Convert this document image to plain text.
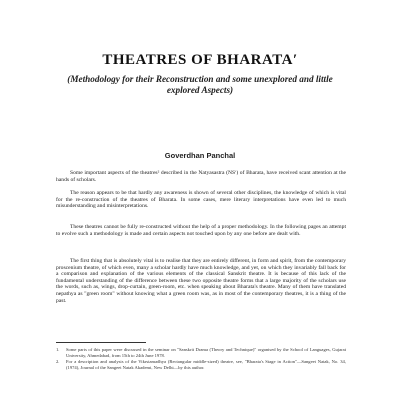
THEATRES OF BHARATAʹ
(Methodology for their Reconstruction and some unexplored and little explored Aspects)
Goverdhan Panchal

Some important aspects of the theatres² described in the Natyasastra (NSʹ) of Bharata, have received scant attention at the hands of scholars.

The reason appears to be that hardly any awareness is shown of several other disciplines, the knowledge of which is vital for the re-construction of the theatres of Bharata. In some cases, mere literary interpretations have even led to much misunderstanding and misinterpretations.

These theatres cannot be fully re-constructed without the help of a proper methodology. In the following pages an attempt to evolve such a methodology is made and certain aspects not touched upon by any one before are dealt with.

The first thing that is absolutely vital is to realise that they are entirely different, in form and spirit, from the contemporary proscenium theatre, of which even, many a scholar hardly have much knowledge, and yet, on which they invariably fall back for a comparison and explanation of the various elements of the classical Sanskrit theatre. It is because of this lack of the fundamental understanding of the difference between these two opposite theatre forms that a large majority of the scholars use the words, such as, wings, drop-curtain, green-room, etc. when speaking about Bharata's theatre. Many of them have translated nepathya as "green room" without knowing what a green room was, as in most of the contemporary theatres, it is a thing of the past.

1. Some parts of this paper were discussed in the seminar on "Sanskrit Drama (Theory and Technique)" organised by the School of Languages, Gujarat University, Ahmedabad, from 15th to 24th June 1978.
2. For a description and analysis of the Vikrstamadhya (Rectangular middle-sized) theatre, see, "Bharata's Stage in Action"—Sangeet Natak, No. 34, (1974), Journal of the Sangeet Natak Akademi, New Delhi—by this author.
